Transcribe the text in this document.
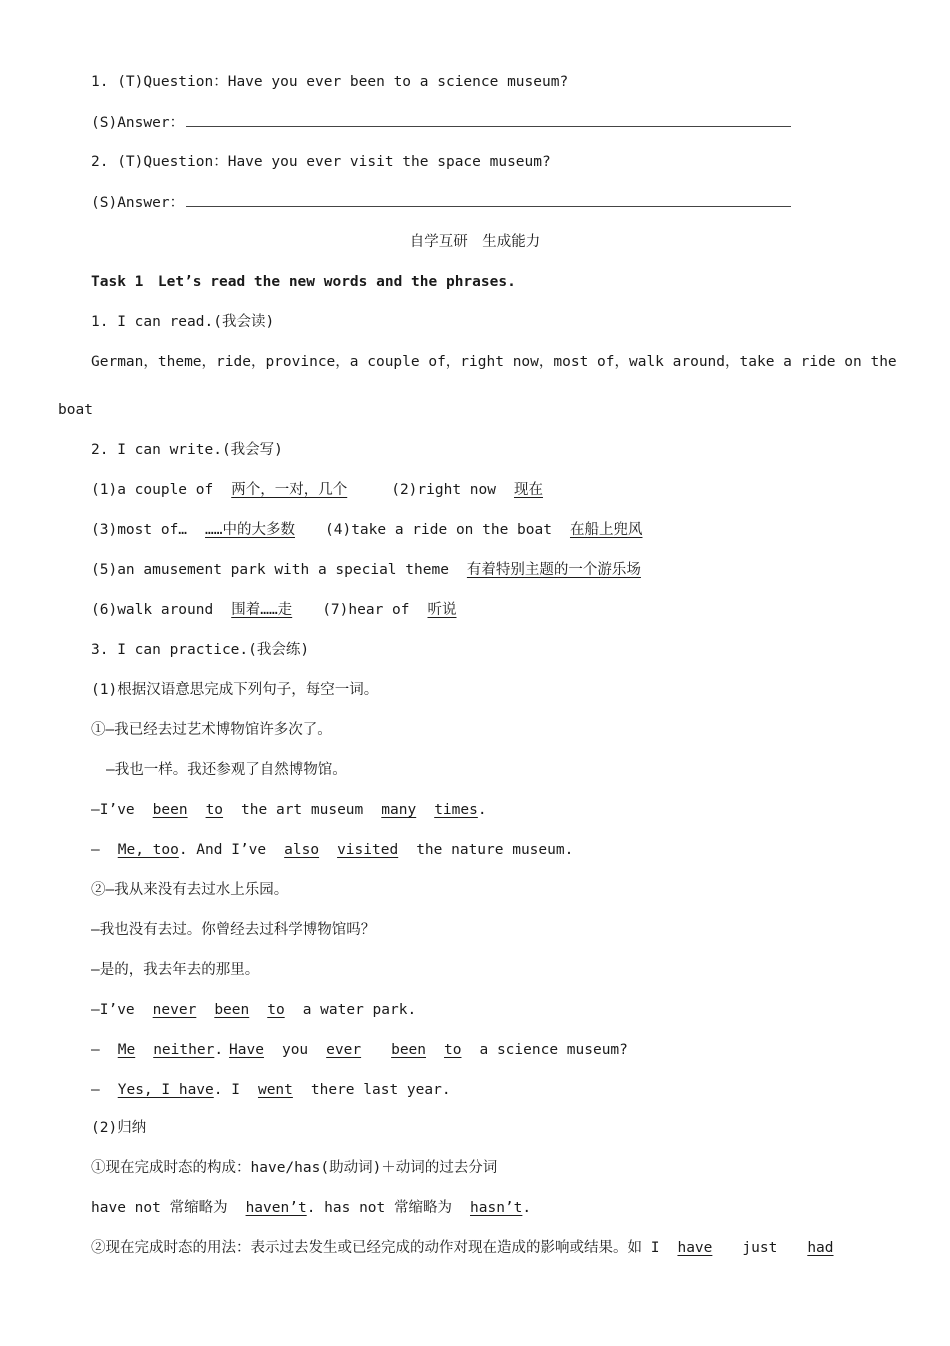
1. (T)Question：Have you ever been to a science museum?
(S)Answer：
2. (T)Question：Have you ever visit the space museum?
(S)Answer：
自学互研　生成能力
Task 1　Let’s read the new words and the phrases.
1. I can read.(我会读)
German，theme，ride，province，a couple of，right now，most of，walk around，take a ride on the
boat
2. I can write.(我会写)
(1)a couple of 两个，一对，几个	(2)right now 现在
(3)most of… ……中的大多数 (4)take a ride on the boat 在船上兜风
(5)an amusement park with a special theme 有着特别主题的一个游乐场
(6)walk around 围着……走 (7)hear of 听说
3. I can practice.(我会练)
(1)根据汉语意思完成下列句子，每空一词。
①—我已经去过艺术博物馆许多次了。
—我也一样。我还参观了自然博物馆。
—I’ve been to the art museum many times.
— Me, too. And I’ve also visited the nature museum.
②—我从来没有去过水上乐园。
—我也没有去过。你曾经去过科学博物馆吗？
—是的，我去年去的那里。
—I’ve never been to a water park.
— Me neither. Have you ever been to a science museum?
— Yes, I have. I went there last year.
(2)归纳
①现在完成时态的构成：have/has(助动词)＋动词的过去分词
have not 常缩略为 haven’t. has not 常缩略为 hasn’t.
②现在完成时态的用法：表示过去发生或已经完成的动作对现在造成的影响或结果。如 I have just had
